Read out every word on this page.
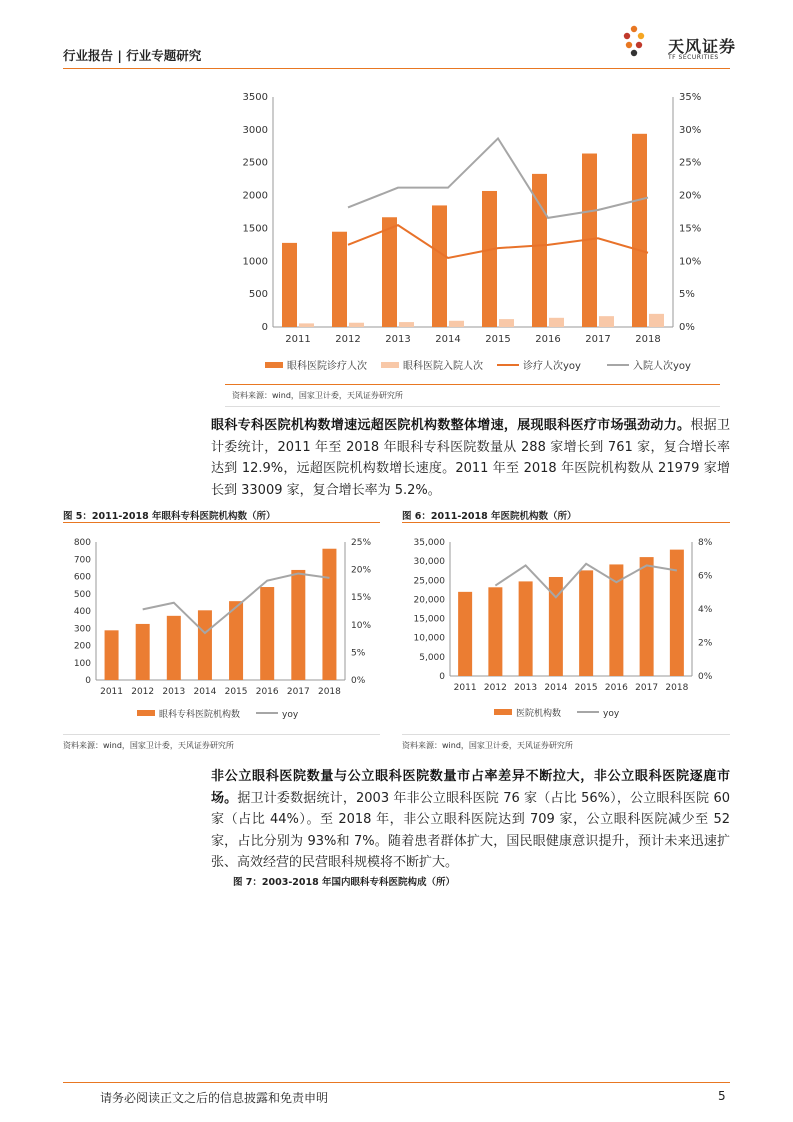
行业报告 | 行业专题研究	天风证券
TF SECURITIES
0
500
1000
1500
2000
2500
3000
3500
0%
5%
10%
15%
20%
25%
30%
35%
2011 2012 2013 2014 2015 2016 2017 2018
眼科医院诊疗人次	眼科医院入院人次	诊疗人次yoy	入院人次yoy
资料来源：wind，国家卫计委，天风证券研究所
眼科专科医院机构数增速远超医院机构数整体增速，展现眼科医疗市场强劲动力。根据卫计委统计，2011 年至 2018 年眼科专科医院数量从 288 家增长到 761 家，复合增长率达到 12.9%，远超医院机构数增长速度。2011 年至 2018 年医院机构数从 21979 家增长到 33009 家，复合增长率为 5.2%。
图 5：2011-2018 年眼科专科医院机构数（所）
0
100
200
300
400
500
600
700
800
0%
5%
10%
15%
20%
25%
2011 2012 2013 2014 2015 2016 2017 2018
眼科专科医院机构数	yoy
资料来源：wind，国家卫计委，天风证券研究所
图 6：2011-2018 年医院机构数（所）
0
5,000
10,000
15,000
20,000
25,000
30,000
35,000
0%
2%
4%
6%
8%
2011 2012 2013 2014 2015 2016 2017 2018
医院机构数	yoy
资料来源：wind，国家卫计委，天风证券研究所
非公立眼科医院数量与公立眼科医院数量市占率差异不断拉大，非公立眼科医院逐鹿市场。据卫计委数据统计，2003 年非公立眼科医院 76 家（占比 56%），公立眼科医院 60 家（占比 44%）。至 2018 年，非公立眼科医院达到 709 家，公立眼科医院减少至 52 家，占比分别为 93%和 7%。随着患者群体扩大，国民眼健康意识提升，预计未来迅速扩张、高效经营的民营眼科规模将不断扩大。
图 7：2003-2018 年国内眼科专科医院构成（所）
请务必阅读正文之后的信息披露和免责申明	5
